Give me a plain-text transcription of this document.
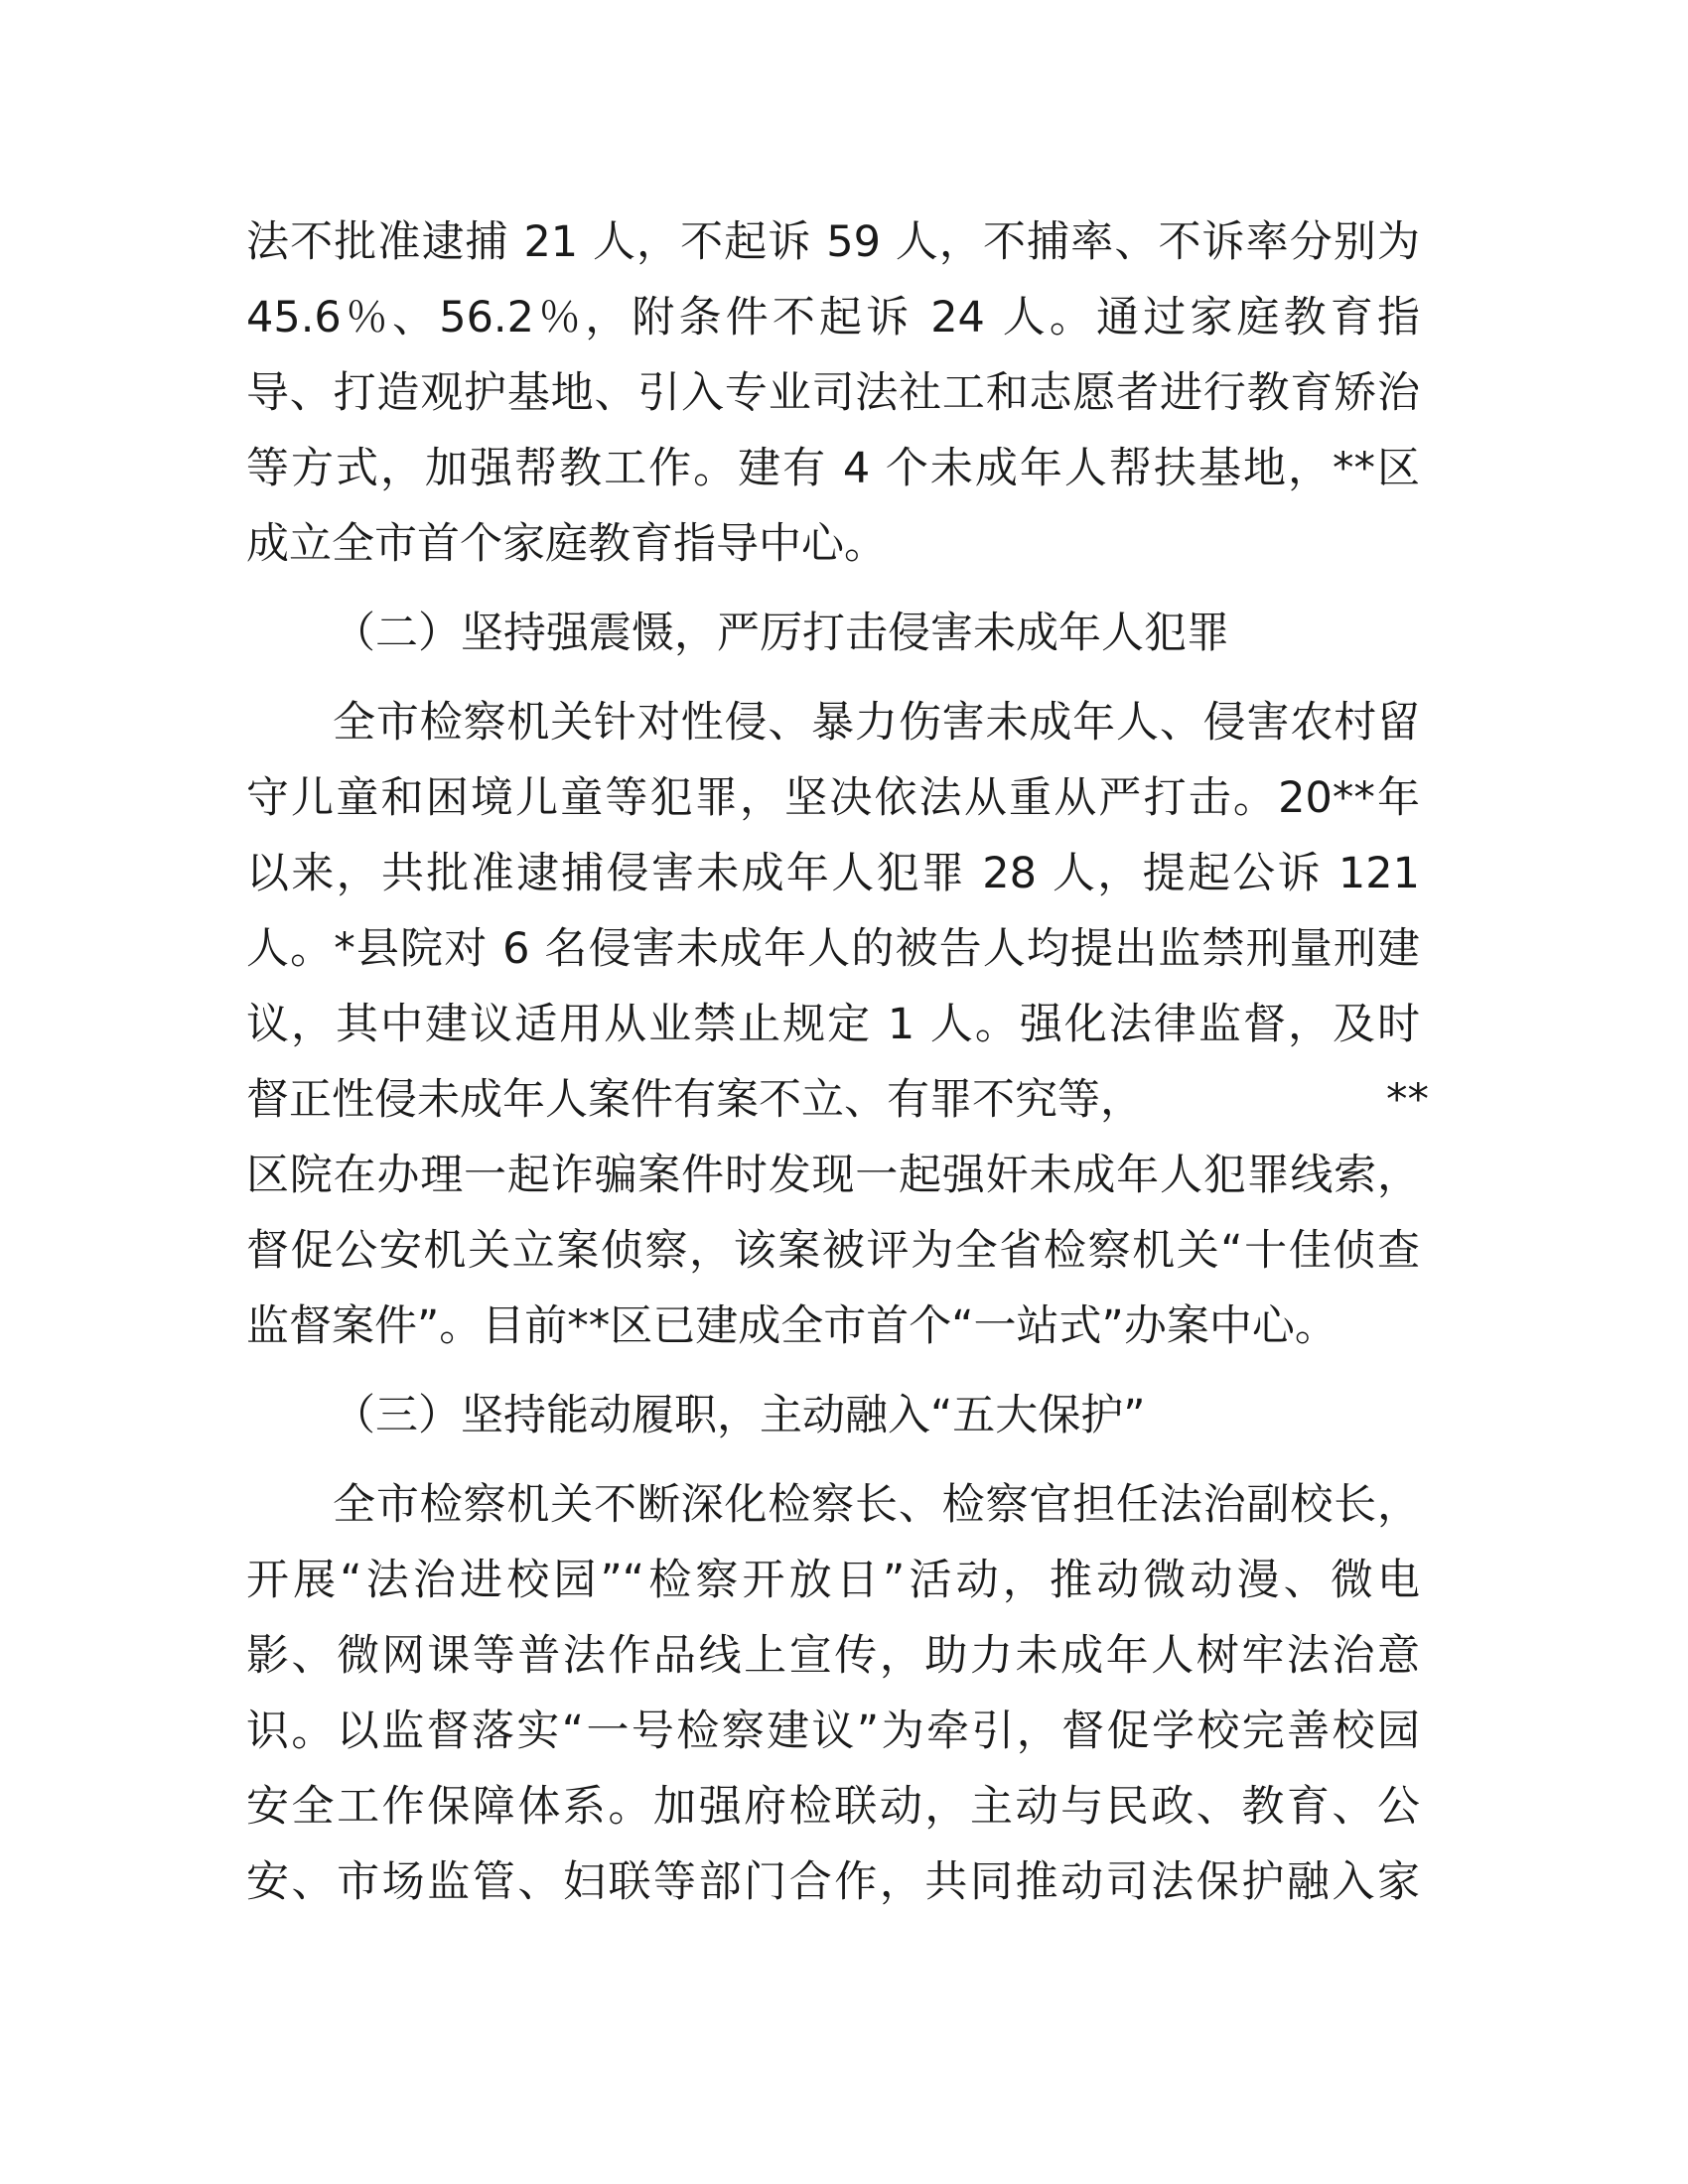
法不批准逮捕 21 人，不起诉 59 人，不捕率、不诉率分别为
45.6％、56.2％，附条件不起诉 24 人。通过家庭教育指
导、打造观护基地、引入专业司法社工和志愿者进行教育矫治
等方式，加强帮教工作。建有 4 个未成年人帮扶基地，**区
成立全市首个家庭教育指导中心。
（二）坚持强震慑，严厉打击侵害未成年人犯罪
全市检察机关针对性侵、暴力伤害未成年人、侵害农村留
守儿童和困境儿童等犯罪，坚决依法从重从严打击。20**年
以来，共批准逮捕侵害未成年人犯罪 28 人，提起公诉 121
人。*县院对 6 名侵害未成年人的被告人均提出监禁刑量刑建
议，其中建议适用从业禁止规定 1 人。强化法律监督，及时
督正性侵未成年人案件有案不立、有罪不究等，	**
区院在办理一起诈骗案件时发现一起强奸未成年人犯罪线索，
督促公安机关立案侦察，该案被评为全省检察机关“十佳侦查
监督案件”。目前**区已建成全市首个“一站式”办案中心。
（三）坚持能动履职，主动融入“五大保护”
全市检察机关不断深化检察长、检察官担任法治副校长，
开展“法治进校园”“检察开放日”活动，推动微动漫、微电
影、微网课等普法作品线上宣传，助力未成年人树牢法治意
识。以监督落实“一号检察建议”为牵引，督促学校完善校园
安全工作保障体系。加强府检联动，主动与民政、教育、公
安、市场监管、妇联等部门合作，共同推动司法保护融入家
